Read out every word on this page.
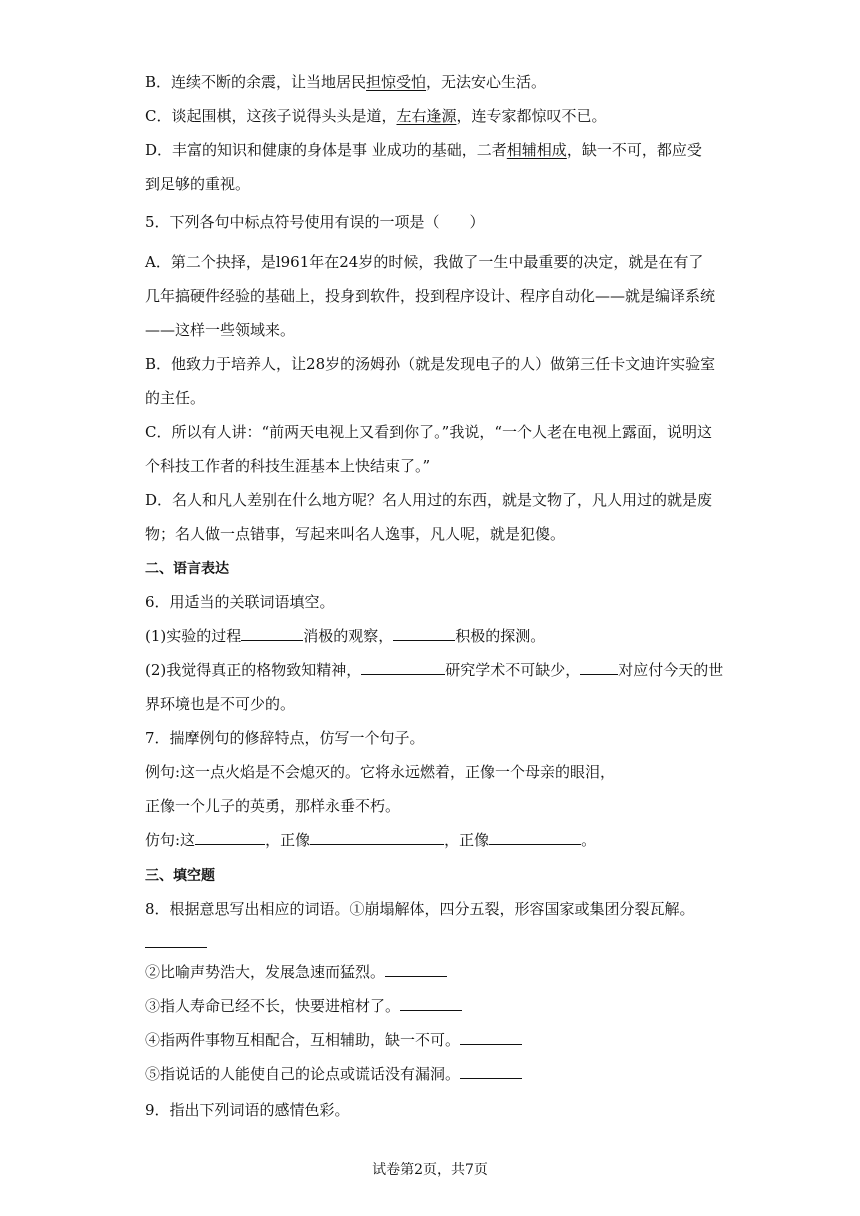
B．连续不断的余震，让当地居民担惊受怕，无法安心生活。
C．谈起围棋，这孩子说得头头是道，左右逢源，连专家都惊叹不已。
D．丰富的知识和健康的身体是事 业成功的基础，二者相辅相成，缺一不可，都应受
到足够的重视。
5．下列各句中标点符号使用有误的一项是（　　）
A．第二个抉择，是l961年在24岁的时候，我做了一生中最重要的决定，就是在有了
几年搞硬件经验的基础上，投身到软件，投到程序设计、程序自动化——就是编译系统
——这样一些领域来。
B．他致力于培养人，让28岁的汤姆孙（就是发现电子的人）做第三任卡文迪许实验室
的主任。
C．所以有人讲：“前两天电视上又看到你了。”我说，“一个人老在电视上露面，说明这
个科技工作者的科技生涯基本上快结束了。”
D．名人和凡人差别在什么地方呢？名人用过的东西，就是文物了，凡人用过的就是废
物；名人做一点错事，写起来叫名人逸事，凡人呢，就是犯傻。
二、语言表达
6．用适当的关联词语填空。
(1)实验的过程	消极的观察，	积极的探测。
(2)我觉得真正的格物致知精神，	研究学术不可缺少，	对应付今天的世
界环境也是不可少的。
7．揣摩例句的修辞特点，仿写一个句子。
例句:这一点火焰是不会熄灭的。它将永远燃着，正像一个母亲的眼泪，
正像一个儿子的英勇，那样永垂不朽。
仿句:这	，正像	，正像	。
三、填空题
8．根据意思写出相应的词语。①崩塌解体，四分五裂，形容国家或集团分裂瓦解。
②比喻声势浩大，发展急速而猛烈。
③指人寿命已经不长，快要进棺材了。
④指两件事物互相配合，互相辅助，缺一不可。
⑤指说话的人能使自己的论点或谎话没有漏洞。
9．指出下列词语的感情色彩。
试卷第2页，共7页
